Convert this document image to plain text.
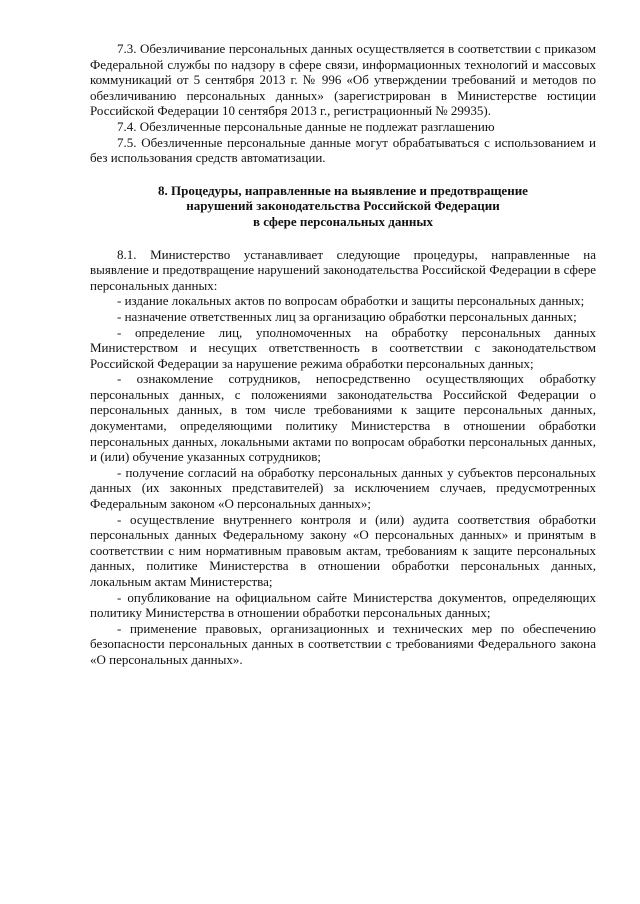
7.3. Обезличивание персональных данных осуществляется в соответствии с приказом Федеральной службы по надзору в сфере связи, информационных технологий и массовых коммуникаций от 5 сентября 2013 г. № 996 «Об утверждении требований и методов по обезличиванию персональных данных» (зарегистрирован в Министерстве юстиции Российской Федерации 10 сентября 2013 г., регистрационный № 29935).

7.4. Обезличенные персональные данные не подлежат разглашению

7.5. Обезличенные персональные данные могут обрабатываться с использованием и без использования средств автоматизации.

8. Процедуры, направленные на выявление и предотвращение
нарушений законодательства Российской Федерации
в сфере персональных данных

8.1. Министерство устанавливает следующие процедуры, направленные на выявление и предотвращение нарушений законодательства Российской Федерации в сфере персональных данных:

- издание локальных актов по вопросам обработки и защиты персональных данных;

- назначение ответственных лиц за организацию обработки персональных данных;

- определение лиц, уполномоченных на обработку персональных данных Министерством и несущих ответственность в соответствии с законодательством Российской Федерации за нарушение режима обработки персональных данных;

- ознакомление сотрудников, непосредственно осуществляющих обработку персональных данных, с положениями законодательства Российской Федерации о персональных данных, в том числе требованиями к защите персональных данных, документами, определяющими политику Министерства в отношении обработки персональных данных, локальными актами по вопросам обработки персональных данных, и (или) обучение указанных сотрудников;

- получение согласий на обработку персональных данных у субъектов персональных данных (их законных представителей) за исключением случаев, предусмотренных Федеральным законом «О персональных данных»;

- осуществление внутреннего контроля и (или) аудита соответствия обработки персональных данных Федеральному закону «О персональных данных» и принятым в соответствии с ним нормативным правовым актам, требованиям к защите персональных данных, политике Министерства в отношении обработки персональных данных, локальным актам Министерства;

- опубликование на официальном сайте Министерства документов, определяющих политику Министерства в отношении обработки персональных данных;

- применение правовых, организационных и технических мер по обеспечению безопасности персональных данных в соответствии с требованиями Федерального закона «О персональных данных».
